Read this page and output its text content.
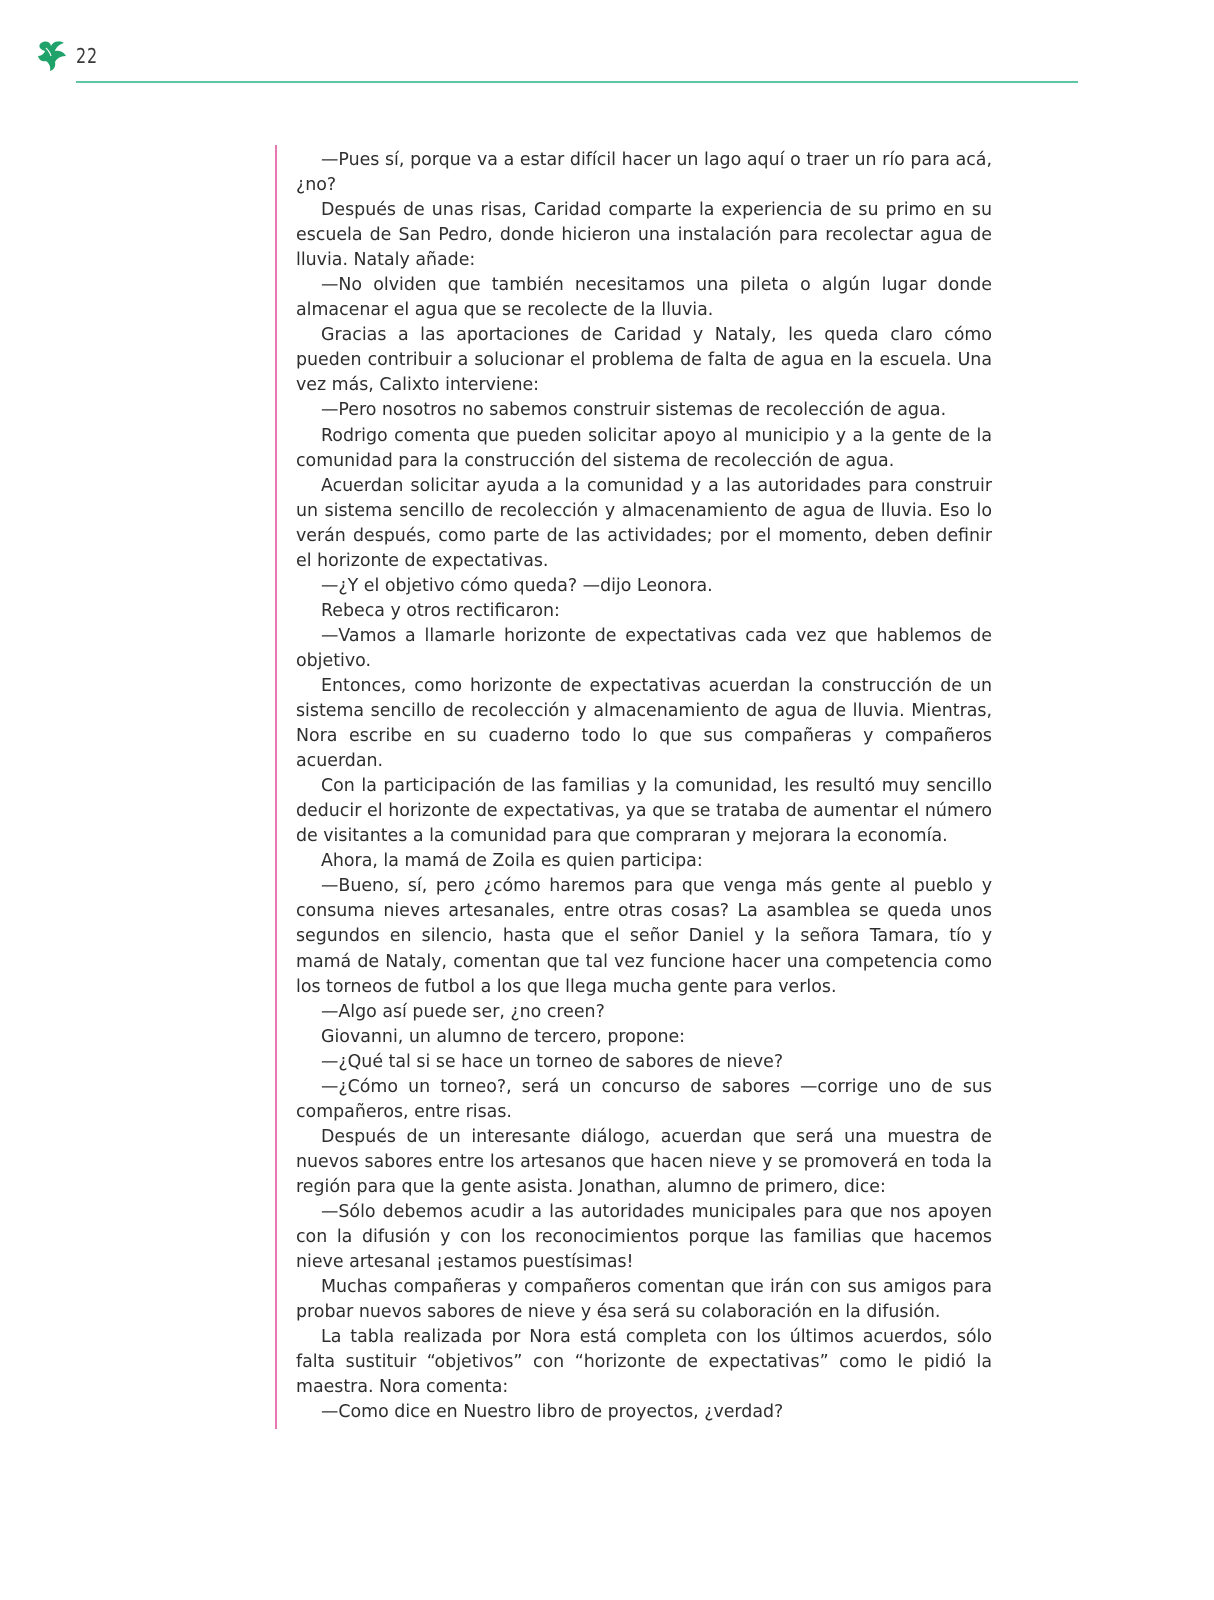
22

—Pues sí, porque va a estar difícil hacer un lago aquí o traer un río para acá, ¿no?

Después de unas risas, Caridad comparte la experiencia de su primo en su escuela de San Pedro, donde hicieron una instalación para recolectar agua de lluvia. Nataly añade:

—No olviden que también necesitamos una pileta o algún lugar donde almacenar el agua que se recolecte de la lluvia.

Gracias a las aportaciones de Caridad y Nataly, les queda claro cómo pueden contribuir a solucionar el problema de falta de agua en la escuela. Una vez más, Calixto interviene:

—Pero nosotros no sabemos construir sistemas de recolección de agua.

Rodrigo comenta que pueden solicitar apoyo al municipio y a la gente de la comunidad para la construcción del sistema de recolección de agua.

Acuerdan solicitar ayuda a la comunidad y a las autoridades para construir un sistema sencillo de recolección y almacenamiento de agua de lluvia. Eso lo verán después, como parte de las actividades; por el momento, deben definir el horizonte de expectativas.

—¿Y el objetivo cómo queda? —dijo Leonora.

Rebeca y otros rectificaron:

—Vamos a llamarle horizonte de expectativas cada vez que hablemos de objetivo.

Entonces, como horizonte de expectativas acuerdan la construcción de un sistema sencillo de recolección y almacenamiento de agua de lluvia. Mientras, Nora escribe en su cuaderno todo lo que sus compañeras y compañeros acuerdan.

Con la participación de las familias y la comunidad, les resultó muy sencillo deducir el horizonte de expectativas, ya que se trataba de aumentar el número de visitantes a la comunidad para que compraran y mejorara la economía.

Ahora, la mamá de Zoila es quien participa:

—Bueno, sí, pero ¿cómo haremos para que venga más gente al pueblo y consuma nieves artesanales, entre otras cosas? La asamblea se queda unos segundos en silencio, hasta que el señor Daniel y la señora Tamara, tío y mamá de Nataly, comentan que tal vez funcione hacer una competencia como los torneos de futbol a los que llega mucha gente para verlos.

—Algo así puede ser, ¿no creen?

Giovanni, un alumno de tercero, propone:

—¿Qué tal si se hace un torneo de sabores de nieve?

—¿Cómo un torneo?, será un concurso de sabores —corrige uno de sus compañeros, entre risas.

Después de un interesante diálogo, acuerdan que será una muestra de nuevos sabores entre los artesanos que hacen nieve y se promoverá en toda la región para que la gente asista. Jonathan, alumno de primero, dice:

—Sólo debemos acudir a las autoridades municipales para que nos apoyen con la difusión y con los reconocimientos porque las familias que hacemos nieve artesanal ¡estamos puestísimas!

Muchas compañeras y compañeros comentan que irán con sus amigos para probar nuevos sabores de nieve y ésa será su colaboración en la difusión.

La tabla realizada por Nora está completa con los últimos acuerdos, sólo falta sustituir “objetivos” con “horizonte de expectativas” como le pidió la maestra. Nora comenta:

—Como dice en Nuestro libro de proyectos, ¿verdad?
